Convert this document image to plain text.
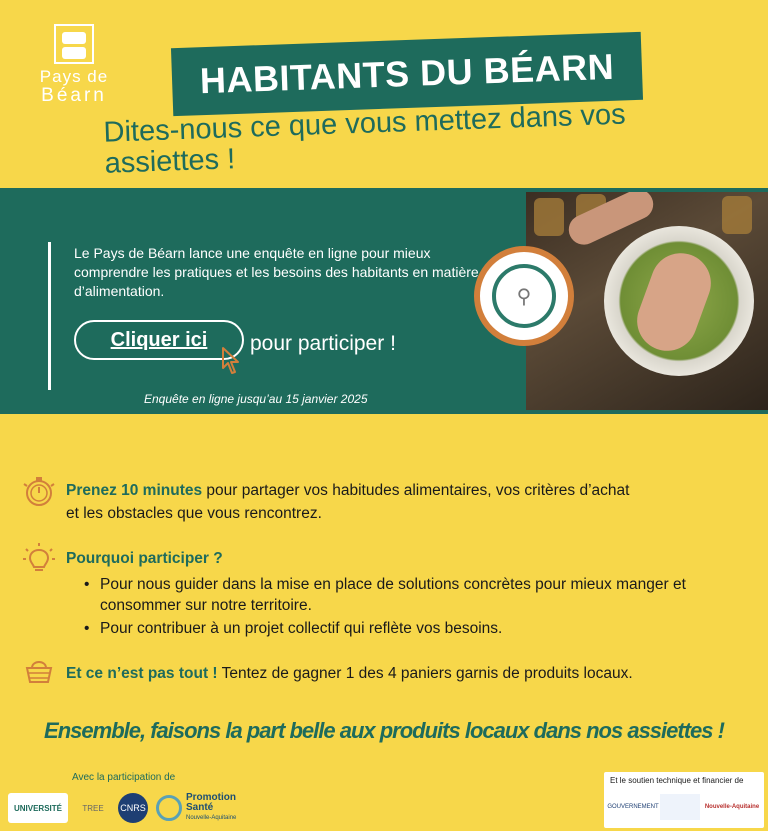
Pays de
Béarn	HABITANTS DU BÉARN
Dites-nous ce que vous mettez dans vos assiettes !
Le Pays de Béarn lance une enquête en ligne pour mieux comprendre les pratiques et les besoins des habitants en matière d’alimentation.
Cliquer ici pour participer !
Enquête en ligne jusqu’au 15 janvier 2025
⚲
Prenez 10 minutes pour partager vos habitudes alimentaires, vos critères d’achat
et les obstacles que vous rencontrez.
Pourquoi participer ?
• Pour nous guider dans la mise en place de solutions concrètes pour mieux manger et consommer sur notre territoire.
• Pour contribuer à un projet collectif qui reflète vos besoins.
Et ce n’est pas tout ! Tentez de gagner 1 des 4 paniers garnis de produits locaux.
Ensemble, faisons la part belle aux produits locaux dans nos assiettes !
Avec la participation de
UNIVERSITÉ	TREE	CNRS
Promotion
Santé
Nouvelle-Aquitaine
Et le soutien technique et financier de
GOUVERNEMENT	Nouvelle-Aquitaine
